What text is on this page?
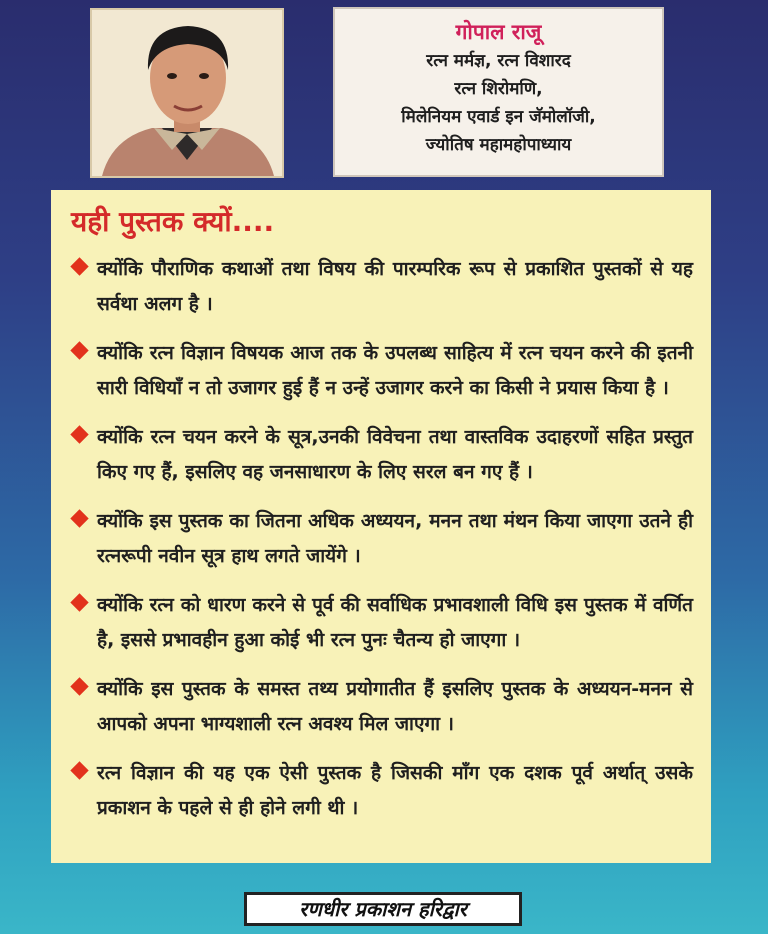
गोपाल राजू
रत्न मर्मज्ञ, रत्न विशारद
रत्न शिरोमणि,
मिलेनियम एवार्ड इन जॅमोलॉजी,
ज्योतिष महामहोपाध्याय
यही पुस्तक क्यों....
क्योंकि पौराणिक कथाओं तथा विषय की पारम्परिक रूप से प्रकाशित पुस्तकों से यह सर्वथा अलग है ।
क्योंकि रत्न विज्ञान विषयक आज तक के उपलब्ध साहित्य में रत्न चयन करने की इतनी सारी विधियाँ न तो उजागर हुई हैं न उन्हें उजागर करने का किसी ने प्रयास किया है ।
क्योंकि रत्न चयन करने के सूत्र,उनकी विवेचना तथा वास्तविक उदाहरणों सहित प्रस्तुत किए गए हैं, इसलिए वह जनसाधारण के लिए सरल बन गए हैं ।
क्योंकि इस पुस्तक का जितना अधिक अध्ययन, मनन तथा मंथन किया जाएगा उतने ही रत्नरूपी नवीन सूत्र हाथ लगते जायेंगे ।
क्योंकि रत्न को धारण करने से पूर्व की सर्वाधिक प्रभावशाली विधि इस पुस्तक में वर्णित है, इससे प्रभावहीन हुआ कोई भी रत्न पुनः चैतन्य हो जाएगा ।
क्योंकि इस पुस्तक के समस्त तथ्य प्रयोगातीत हैं इसलिए पुस्तक के अध्ययन-मनन से आपको अपना भाग्यशाली रत्न अवश्य मिल जाएगा ।
रत्न विज्ञान की यह एक ऐसी पुस्तक है जिसकी माँग एक दशक पूर्व अर्थात् उसके प्रकाशन के पहले से ही होने लगी थी ।
रणधीर प्रकाशन हरिद्वार
